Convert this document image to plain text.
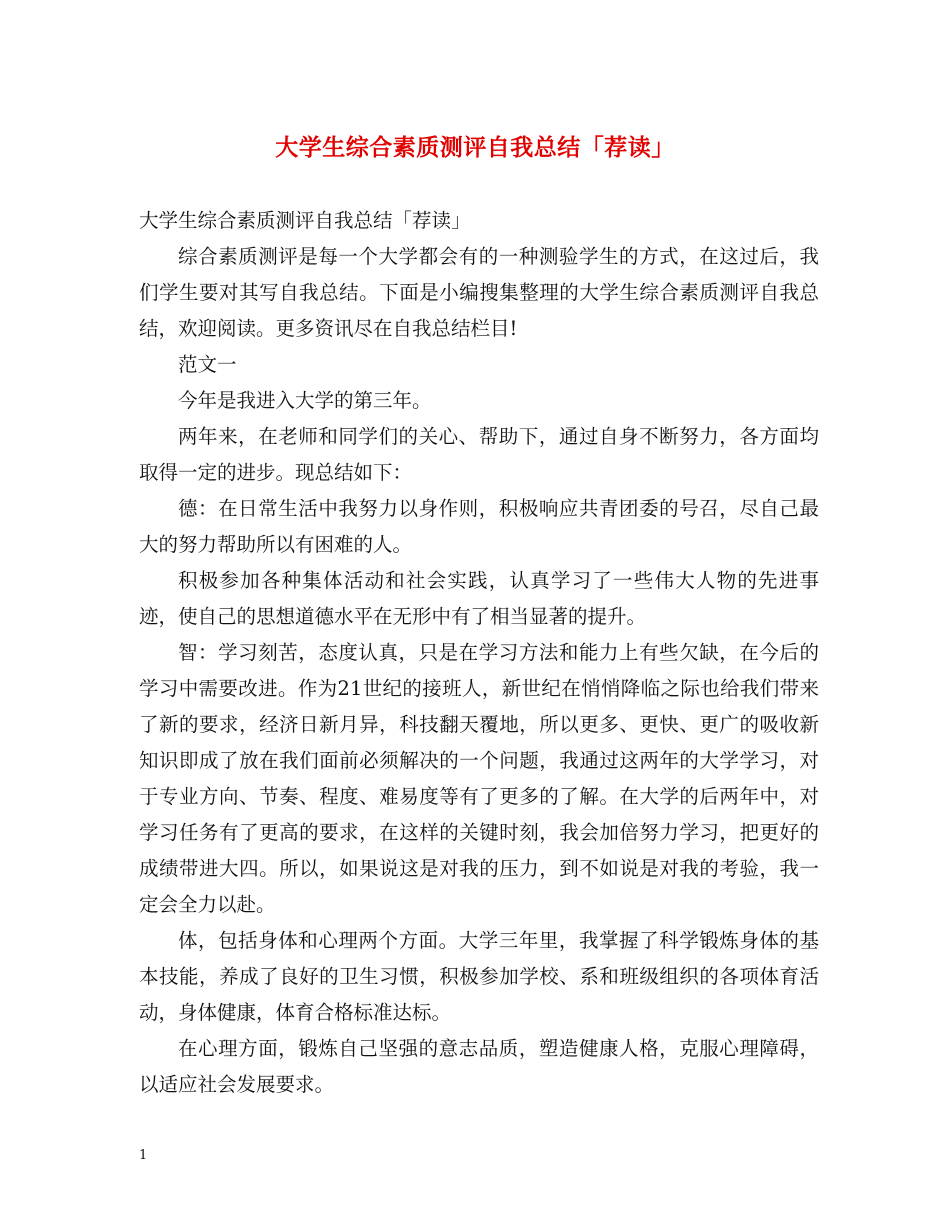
大学生综合素质测评自我总结「荐读」

大学生综合素质测评自我总结「荐读」

综合素质测评是每一个大学都会有的一种测验学生的方式，在这过后，我们学生要对其写自我总结。下面是小编搜集整理的大学生综合素质测评自我总结，欢迎阅读。更多资讯尽在自我总结栏目!

范文一

今年是我进入大学的第三年。

两年来，在老师和同学们的关心、帮助下，通过自身不断努力，各方面均取得一定的进步。现总结如下：

德：在日常生活中我努力以身作则，积极响应共青团委的号召，尽自己最大的努力帮助所以有困难的人。

积极参加各种集体活动和社会实践，认真学习了一些伟大人物的先进事迹，使自己的思想道德水平在无形中有了相当显著的提升。

智：学习刻苦，态度认真，只是在学习方法和能力上有些欠缺，在今后的学习中需要改进。作为21世纪的接班人，新世纪在悄悄降临之际也给我们带来了新的要求，经济日新月异，科技翻天覆地，所以更多、更快、更广的吸收新知识即成了放在我们面前必须解决的一个问题，我通过这两年的大学学习，对于专业方向、节奏、程度、难易度等有了更多的了解。在大学的后两年中，对学习任务有了更高的要求，在这样的关键时刻，我会加倍努力学习，把更好的成绩带进大四。所以，如果说这是对我的压力，到不如说是对我的考验，我一定会全力以赴。

体，包括身体和心理两个方面。大学三年里，我掌握了科学锻炼身体的基本技能，养成了良好的卫生习惯，积极参加学校、系和班级组织的各项体育活动，身体健康，体育合格标准达标。

在心理方面，锻炼自己坚强的意志品质，塑造健康人格，克服心理障碍，以适应社会发展要求。

1
